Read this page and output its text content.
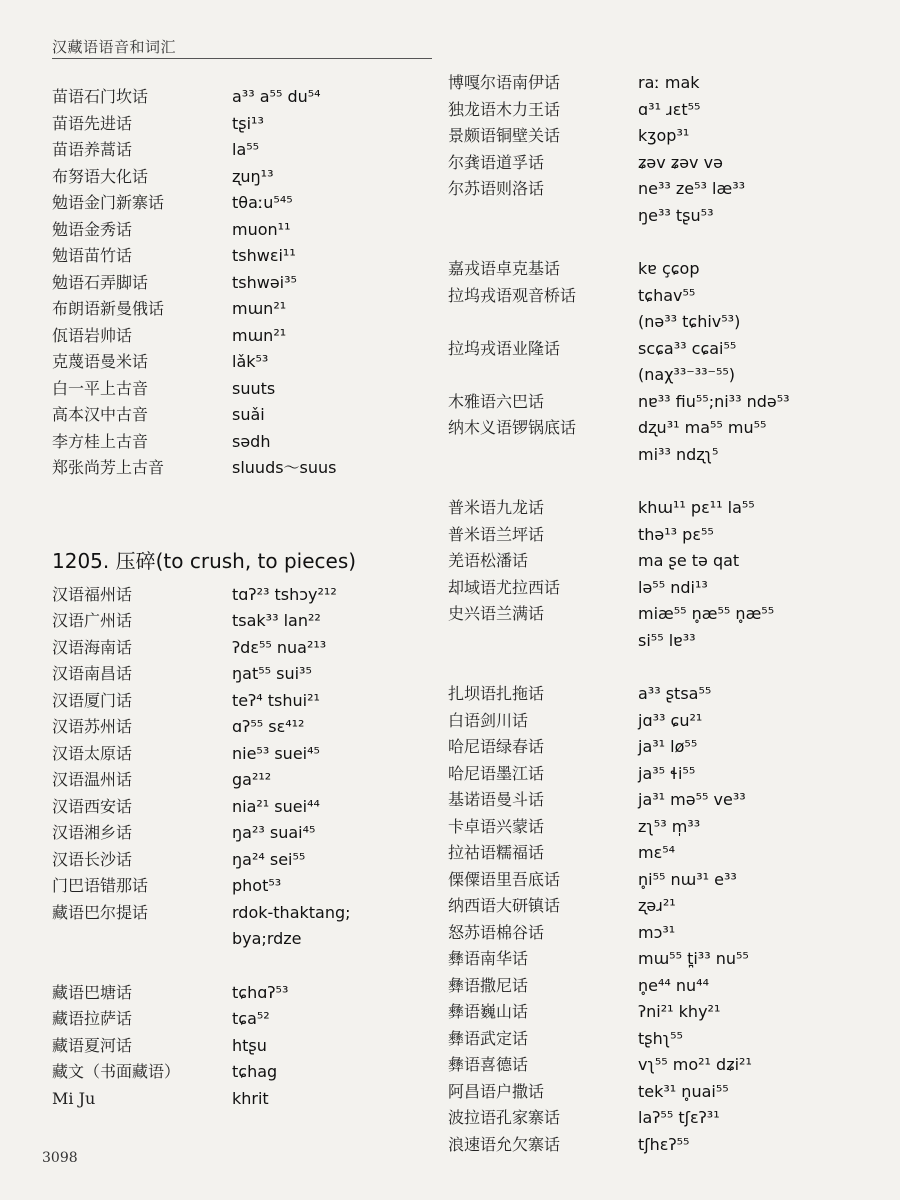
汉藏语语音和词汇
苗语石门坎话	a³³ a⁵⁵ du⁵⁴
苗语先进话	tʂi¹³
苗语养蒿话	la⁵⁵
布努语大化话	ʐuŋ¹³
勉语金门新寨话	tθaːu⁵⁴⁵
勉语金秀话	muon¹¹
勉语苗竹话	tshwɛi¹¹
勉语石弄脚话	tshwəi³⁵
布朗语新曼俄话	mɯn²¹
佤语岩帅话	mɯn²¹
克蔑语曼米话	lǎk⁵³
白一平上古音	suuts
高本汉中古音	suǎi
李方桂上古音	sədh
郑张尚芳上古音	sluuds～suus
1205. 压碎(to crush, to pieces)
汉语福州话	tɑʔ²³ tshɔy²¹²
汉语广州话	tsak³³ lan²²
汉语海南话	ʔdɛ⁵⁵ nua²¹³
汉语南昌话	ŋat⁵⁵ sui³⁵
汉语厦门话	teʔ⁴ tshui²¹
汉语苏州话	ɑʔ⁵⁵ sɛ⁴¹²
汉语太原话	nie⁵³ suei⁴⁵
汉语温州话	ga²¹²
汉语西安话	nia²¹ suei⁴⁴
汉语湘乡话	ŋa²³ suai⁴⁵
汉语长沙话	ŋa²⁴ sei⁵⁵
门巴语错那话	phot⁵³
藏语巴尔提话	rdok-thaktang;
bya;rdze
藏语巴塘话	tɕhɑʔ⁵³
藏语拉萨话	tɕa⁵²
藏语夏河话	htʂu
藏文（书面藏语）	tɕhag
Mi Ju	khrit
博嘎尔语南伊话	raː mak
独龙语木力王话	ɑ³¹ ɹɛt⁵⁵
景颇语铜壁关话	kʒop³¹
尔龚语道孚话	ʑəv ʑəv və
尔苏语则洛话	ne³³ ze⁵³ læ³³
ŋe³³ tʂu⁵³
嘉戎语卓克基话	kɐ çɕop
拉坞戎语观音桥话	tɕhav⁵⁵
(nə³³ tɕhiv⁵³)
拉坞戎语业隆话	scɕa³³ cɕai⁵⁵
(naχ³³⁻³³⁻⁵⁵)
木雅语六巴话	nɐ³³ fiu⁵⁵;ni³³ ndə⁵³
纳木义语锣锅底话	dʐu³¹ ma⁵⁵ mu⁵⁵
mi³³ ndʐʅ⁵
普米语九龙话	khɯ¹¹ pɛ¹¹ la⁵⁵
普米语兰坪话	thə¹³ pɛ⁵⁵
羌语松潘话	ma ʂe tə qat
却域语尤拉西话	lə⁵⁵ ndi¹³
史兴语兰满话	miæ⁵⁵ n̥æ⁵⁵ n̥æ⁵⁵
si⁵⁵ lɐ³³
扎坝语扎拖话	a³³ ʂtsa⁵⁵
白语剑川话	jɑ³³ ɕu²¹
哈尼语绿春话	ja³¹ lø⁵⁵
哈尼语墨江话	ja³⁵ ɬi⁵⁵
基诺语曼斗话	ja³¹ mə⁵⁵ ve³³
卡卓语兴蒙话	zʅ⁵³ m̩³³
拉祜语糯福话	mɛ⁵⁴
傈僳语里吾底话	n̥i⁵⁵ nɯ³¹ e³³
纳西语大研镇话	ʐəɹ²¹
怒苏语棉谷话	mɔ³¹
彝语南华话	mɯ⁵⁵ t̪i³³ nu⁵⁵
彝语撒尼话	n̥e⁴⁴ nu⁴⁴
彝语巍山话	ʔni²¹ khy²¹
彝语武定话	tʂhʅ⁵⁵
彝语喜德话	vʅ⁵⁵ mo²¹ dʑi²¹
阿昌语户撒话	tek³¹ n̥uai⁵⁵
波拉语孔家寨话	laʔ⁵⁵ tʃɛʔ³¹
浪速语允欠寨话	tʃhɛʔ⁵⁵
3098
